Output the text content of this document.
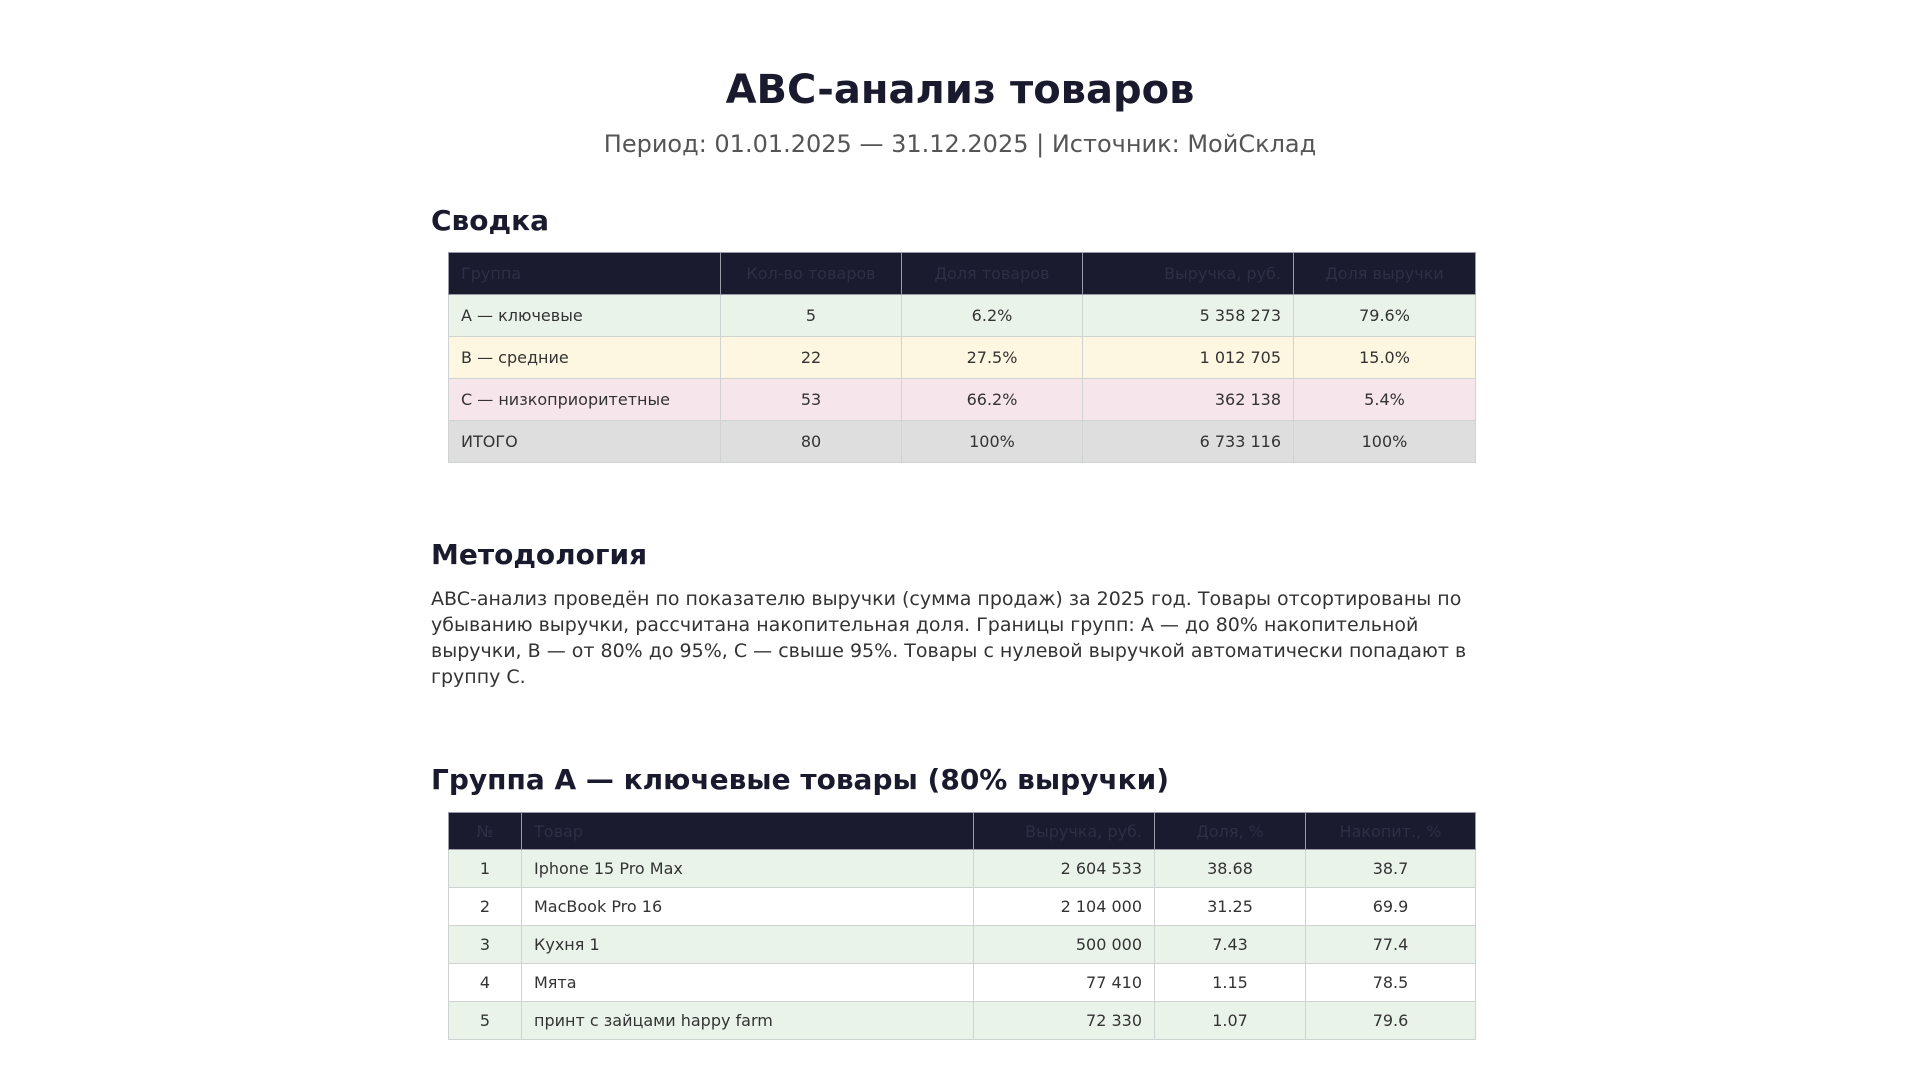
ABC-анализ товаров
Период: 01.01.2025 — 31.12.2025 | Источник: МойСклад
Сводка
Группа	Кол-во товаров	Доля товаров	Выручка, руб.	Доля выручки
A — ключевые	5	6.2%	5 358 273	79.6%
B — средние	22	27.5%	1 012 705	15.0%
C — низкоприоритетные	53	66.2%	362 138	5.4%
ИТОГО	80	100%	6 733 116	100%
Методология

ABC-анализ проведён по показателю выручки (сумма продаж) за 2025 год. Товары отсортированы по убыванию выручки, рассчитана накопительная доля. Границы групп: A — до 80% накопительной выручки, B — от 80% до 95%, C — свыше 95%. Товары с нулевой выручкой автоматически попадают в группу C.

Группа A — ключевые товары (80% выручки)
№	Товар	Выручка, руб.	Доля, %	Накопит., %
1	Iphone 15 Pro Max	2 604 533	38.68	38.7
2	MacBook Pro 16	2 104 000	31.25	69.9
3	Кухня 1	500 000	7.43	77.4
4	Мята	77 410	1.15	78.5
5	принт с зайцами happy farm	72 330	1.07	79.6
